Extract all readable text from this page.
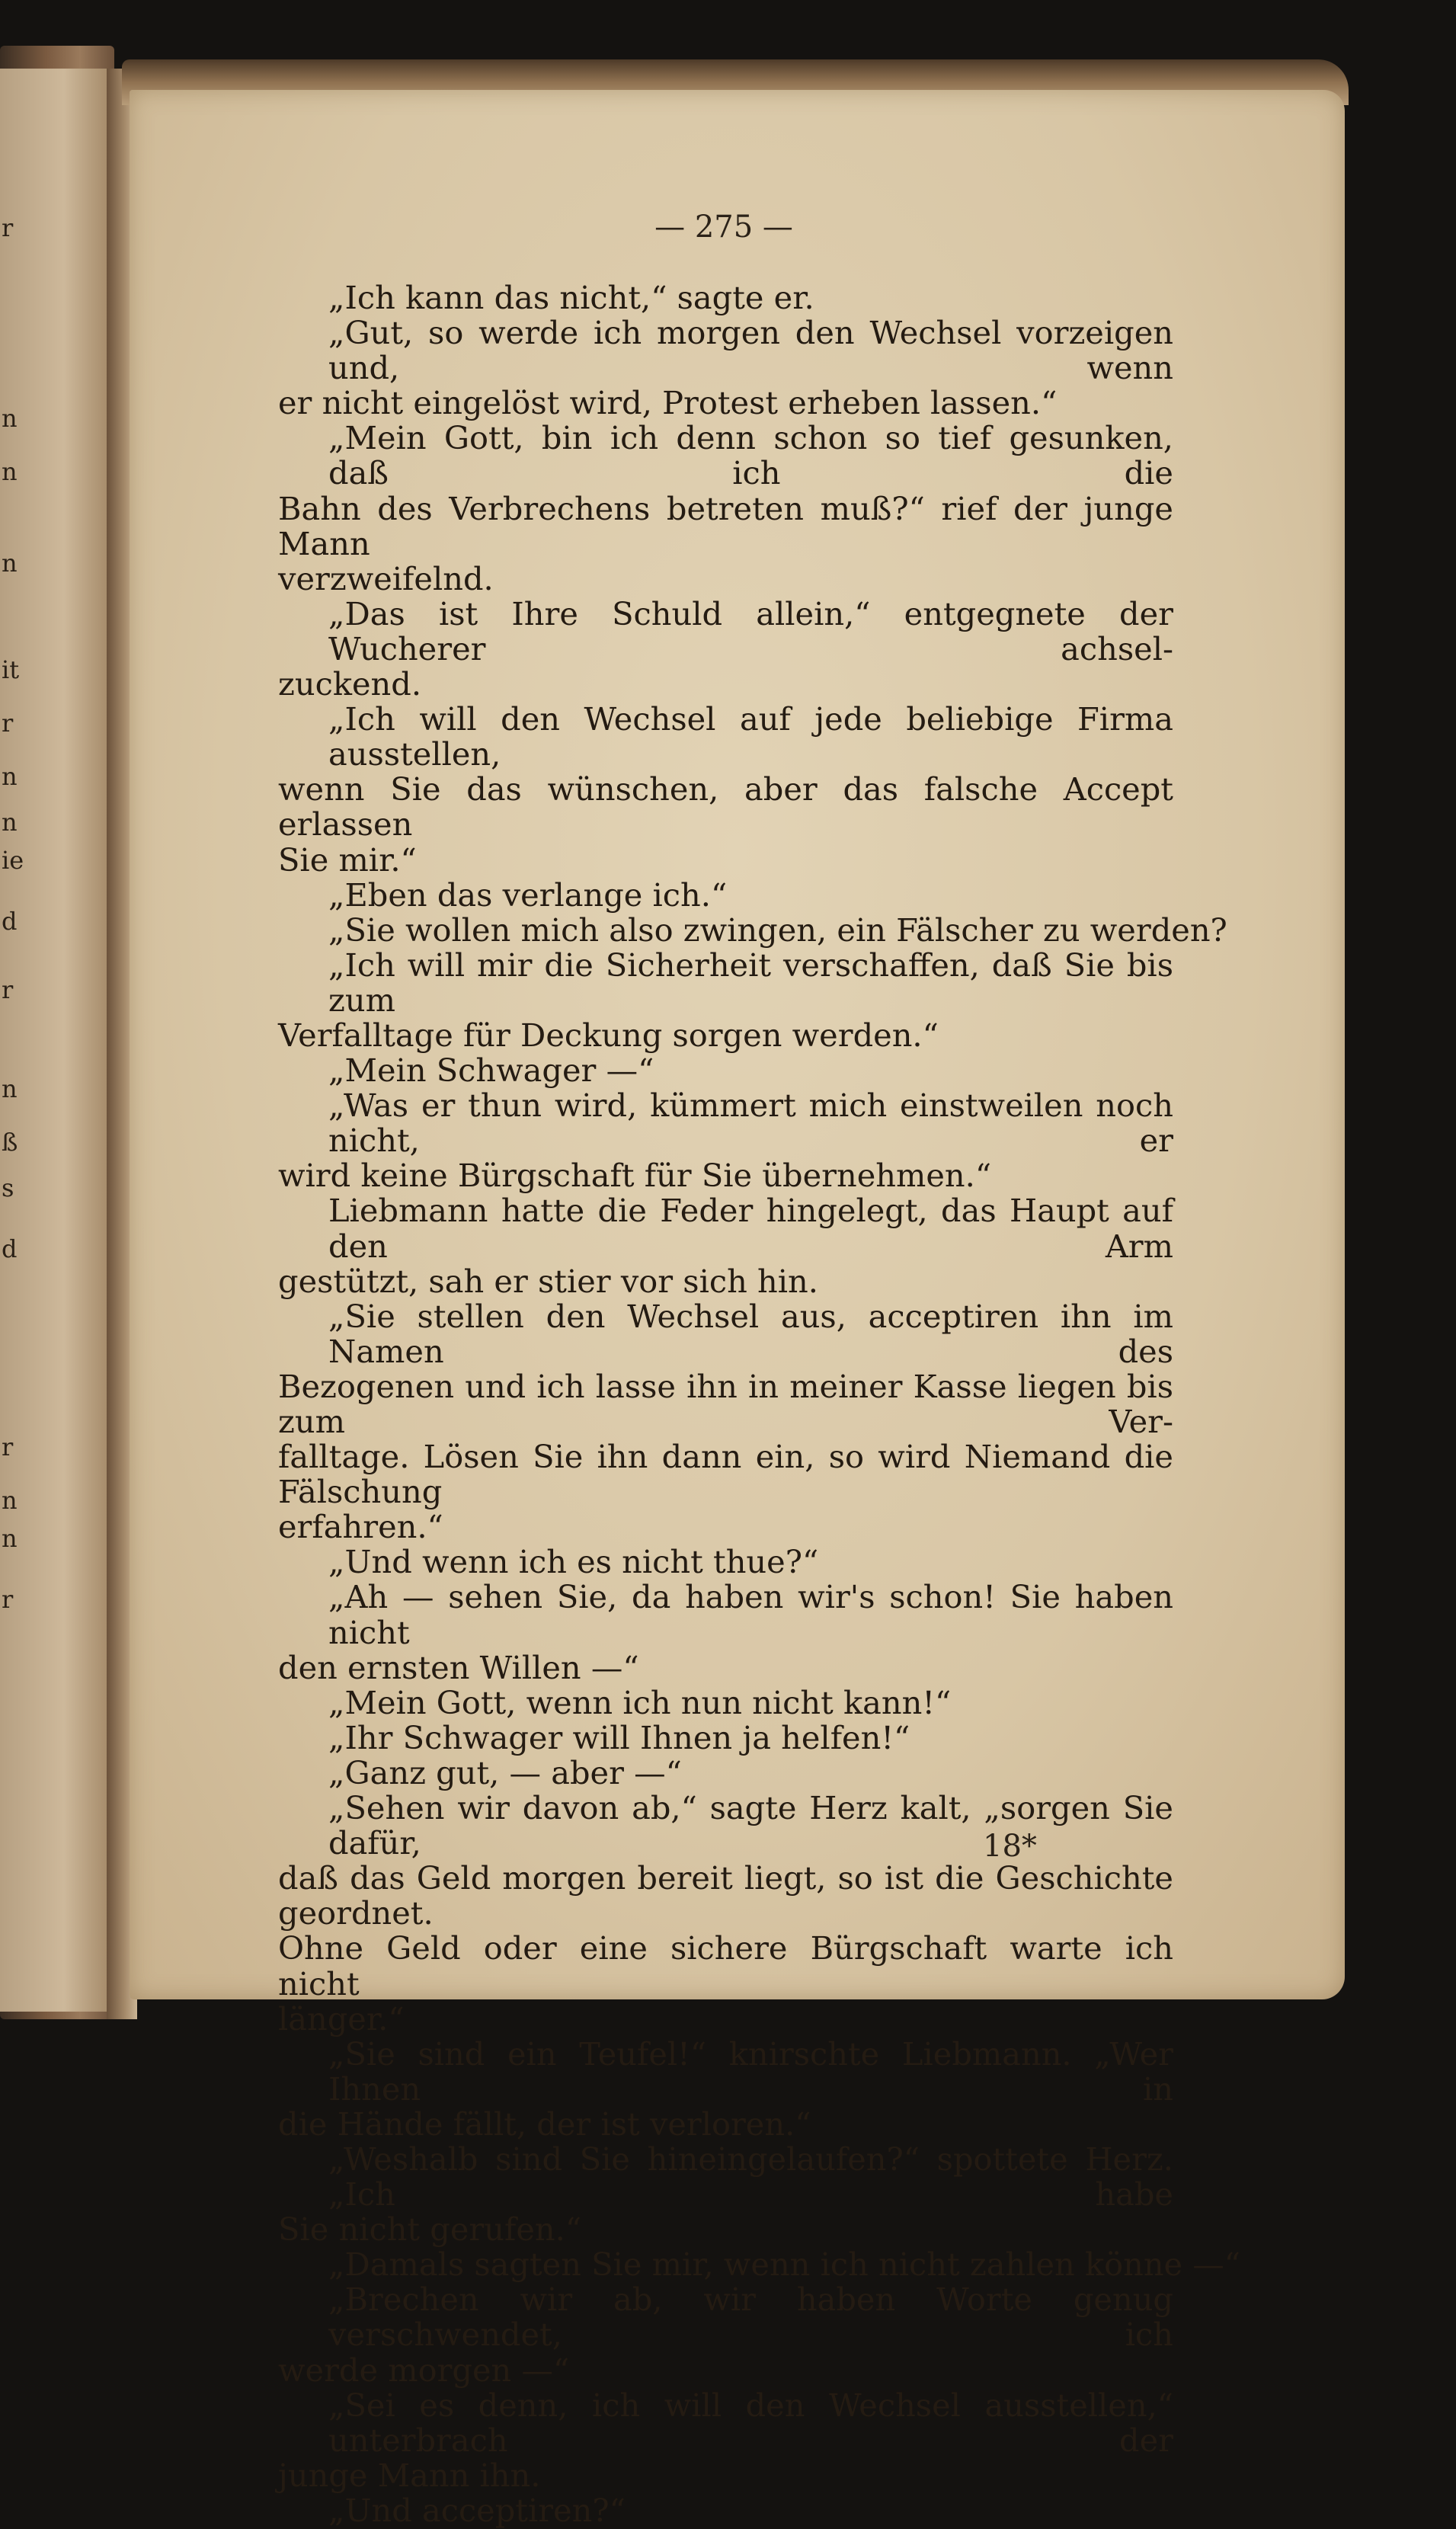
r
n
n
n
it
r
n
n
ie
d
r
n
ß
s
d
r
n
n
r
— 275 —
„Ich kann das nicht,“ sagte er.
„Gut, so werde ich morgen den Wechsel vorzeigen und, wenn
er nicht eingelöst wird, Protest erheben lassen.“
„Mein Gott, bin ich denn schon so tief gesunken, daß ich die
Bahn des Verbrechens betreten muß?“ rief der junge Mann
verzweifelnd.
„Das ist Ihre Schuld allein,“ entgegnete der Wucherer achsel-
zuckend.
„Ich will den Wechsel auf jede beliebige Firma ausstellen,
wenn Sie das wünschen, aber das falsche Accept erlassen
Sie mir.“
„Eben das verlange ich.“
„Sie wollen mich also zwingen, ein Fälscher zu werden?
„Ich will mir die Sicherheit verschaffen, daß Sie bis zum
Verfalltage für Deckung sorgen werden.“
„Mein Schwager —“
„Was er thun wird, kümmert mich einstweilen noch nicht, er
wird keine Bürgschaft für Sie übernehmen.“
Liebmann hatte die Feder hingelegt, das Haupt auf den Arm
gestützt, sah er stier vor sich hin.
„Sie stellen den Wechsel aus, acceptiren ihn im Namen des
Bezogenen und ich lasse ihn in meiner Kasse liegen bis zum Ver-
falltage. Lösen Sie ihn dann ein, so wird Niemand die Fälschung
erfahren.“
„Und wenn ich es nicht thue?“
„Ah — sehen Sie, da haben wir's schon! Sie haben nicht
den ernsten Willen —“
„Mein Gott, wenn ich nun nicht kann!“
„Ihr Schwager will Ihnen ja helfen!“
„Ganz gut, — aber —“
„Sehen wir davon ab,“ sagte Herz kalt, „sorgen Sie dafür,
daß das Geld morgen bereit liegt, so ist die Geschichte geordnet.
Ohne Geld oder eine sichere Bürgschaft warte ich nicht
länger.“
„Sie sind ein Teufel!“ knirschte Liebmann. „Wer Ihnen in
die Hände fällt, der ist verloren.“
„Weshalb sind Sie hineingelaufen?“ spottete Herz. „Ich habe
Sie nicht gerufen.“
„Damals sagten Sie mir, wenn ich nicht zahlen könne —“
„Brechen wir ab, wir haben Worte genug verschwendet, ich
werde morgen —“
„Sei es denn, ich will den Wechsel ausstellen,“ unterbrach der
junge Mann ihn.
„Und acceptiren?“
18*
